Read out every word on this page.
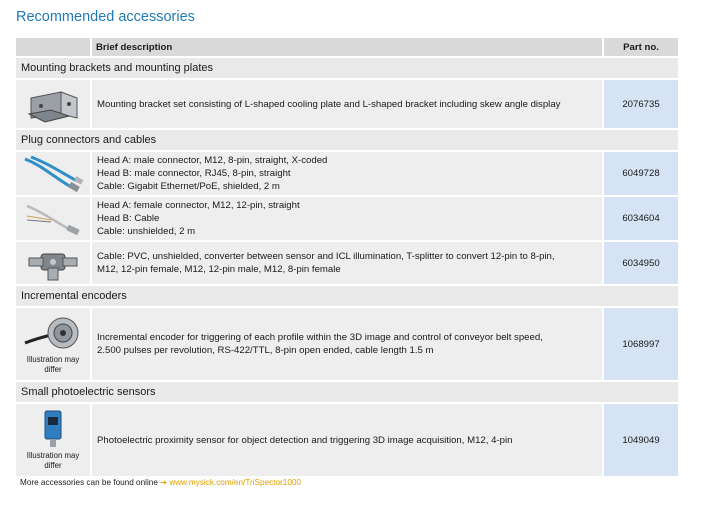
Recommended accessories
	Brief description	Part no.
Mounting brackets and mounting plates		

Mounting bracket set consisting of L-shaped cooling plate and L-shaped bracket including skew angle display	2076735
Plug connectors and cables		

Head A: male connector, M12, 8-pin, straight, X-coded
Head B: male connector, RJ45, 8-pin, straight
Cable: Gigabit Ethernet/PoE, shielded, 2 m	6049728

Head A: female connector, M12, 12-pin, straight
Head B: Cable
Cable: unshielded, 2 m	6034604

Cable: PVC, unshielded, converter between sensor and ICL illumination, T-splitter to convert 12-pin to 8-pin,
M12, 12-pin female, M12, 12-pin male, M12, 8-pin female	6034950
Incremental encoders		

Illustration may differ	Incremental encoder for triggering of each profile within the 3D image and control of conveyor belt speed,
2.500 pulses per revolution, RS-422/TTL, 8-pin open ended, cable length 1.5 m	1068997
Small photoelectric sensors		

Illustration may differ	Photoelectric proximity sensor for object detection and triggering 3D image acquisition, M12, 4-pin	1049049
More accessories can be found online ➔ www.mysick.com/en/TriSpector1000
